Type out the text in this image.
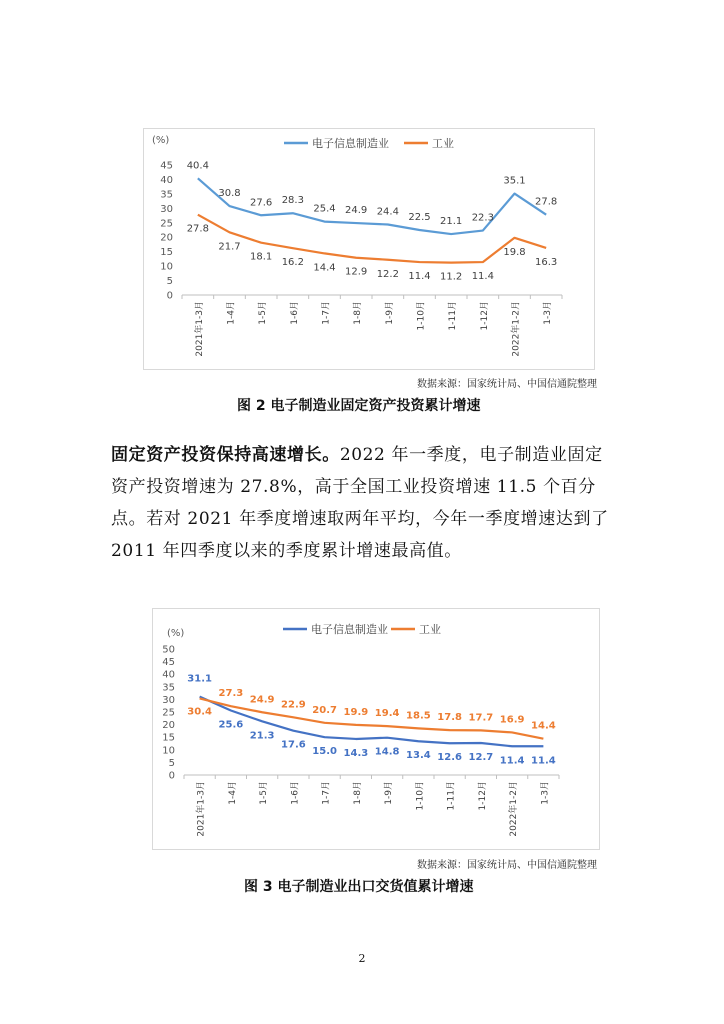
(%)
0
5
10
15
20
25
30
35
40
45
2021年1-3月 1-4月 1-5月 1-6月 1-7月 1-8月 1-9月 1-10月 1-11月 1-12月 2022年1-2月 1-3月
电子信息制造业	工业
40.4
30.8
27.6 28.3
25.4 24.9 24.4 22.5 21.1 22.3
35.1
27.8
27.8
21.7
18.1 16.2 14.4 12.9 12.2 11.4 11.2 11.4
19.8
16.3
数据来源：国家统计局、中国信通院整理
图 2 电子制造业固定资产投资累计增速
固定资产投资保持高速增长。2022 年一季度，电子制造业固定资产投资增速为 27.8%，高于全国工业投资增速 11.5 个百分点。若对 2021 年季度增速取两年平均，今年一季度增速达到了 2011 年四季度以来的季度累计增速最高值。
(%)
0
5
10
15
20
25
30
35
40
45
50
2021年1-3月 1-4月 1-5月 1-6月 1-7月 1-8月 1-9月 1-10月 1-11月 1-12月 2022年1-2月 1-3月
电子信息制造业	工业
31.1
25.6
21.3
17.6
15.0 14.3 14.8 13.4 12.6 12.7 11.4 11.4
30.4
27.3
24.9 22.9
20.7 19.9 19.4 18.5 17.8 17.7 16.9
14.4
数据来源：国家统计局、中国信通院整理
图 3 电子制造业出口交货值累计增速
2
